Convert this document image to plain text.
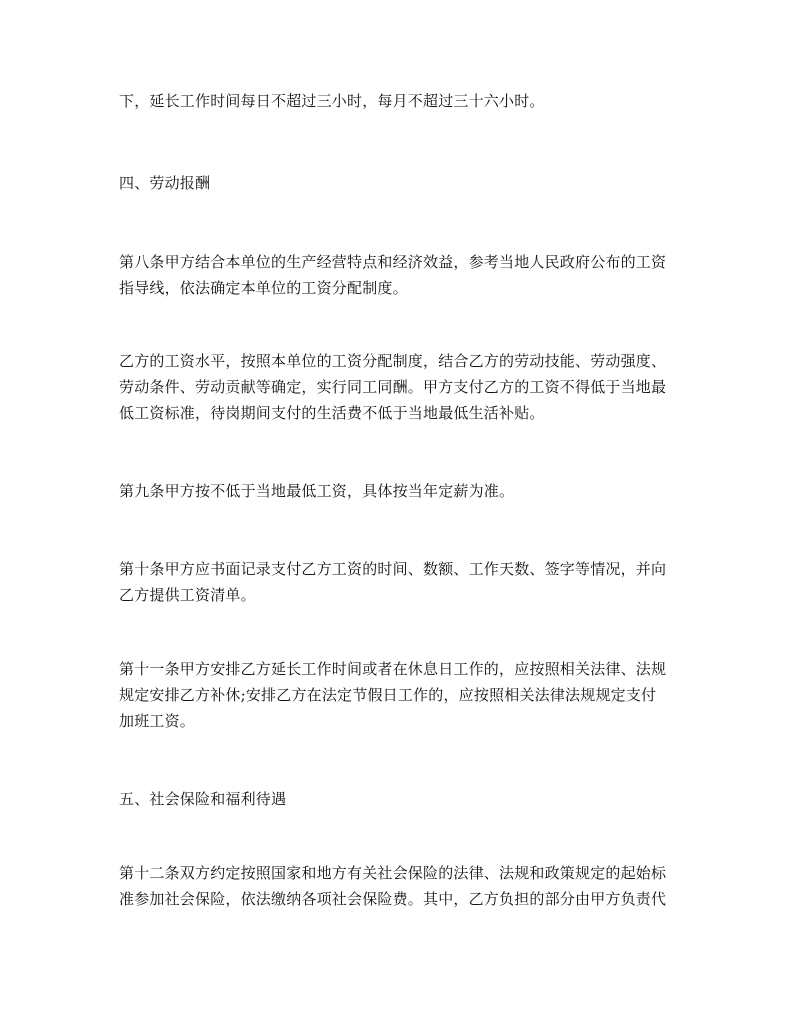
下，延长工作时间每日不超过三小时，每月不超过三十六小时。

四、劳动报酬

第八条甲方结合本单位的生产经营特点和经济效益，参考当地人民政府公布的工资
指导线，依法确定本单位的工资分配制度。

乙方的工资水平，按照本单位的工资分配制度，结合乙方的劳动技能、劳动强度、
劳动条件、劳动贡献等确定，实行同工同酬。甲方支付乙方的工资不得低于当地最
低工资标准，待岗期间支付的生活费不低于当地最低生活补贴。

第九条甲方按不低于当地最低工资，具体按当年定薪为准。

第十条甲方应书面记录支付乙方工资的时间、数额、工作天数、签字等情况，并向
乙方提供工资清单。

第十一条甲方安排乙方延长工作时间或者在休息日工作的，应按照相关法律、法规
规定安排乙方补休;安排乙方在法定节假日工作的，应按照相关法律法规规定支付
加班工资。

五、社会保险和福利待遇

第十二条双方约定按照国家和地方有关社会保险的法律、法规和政策规定的起始标
准参加社会保险，依法缴纳各项社会保险费。其中，乙方负担的部分由甲方负责代
